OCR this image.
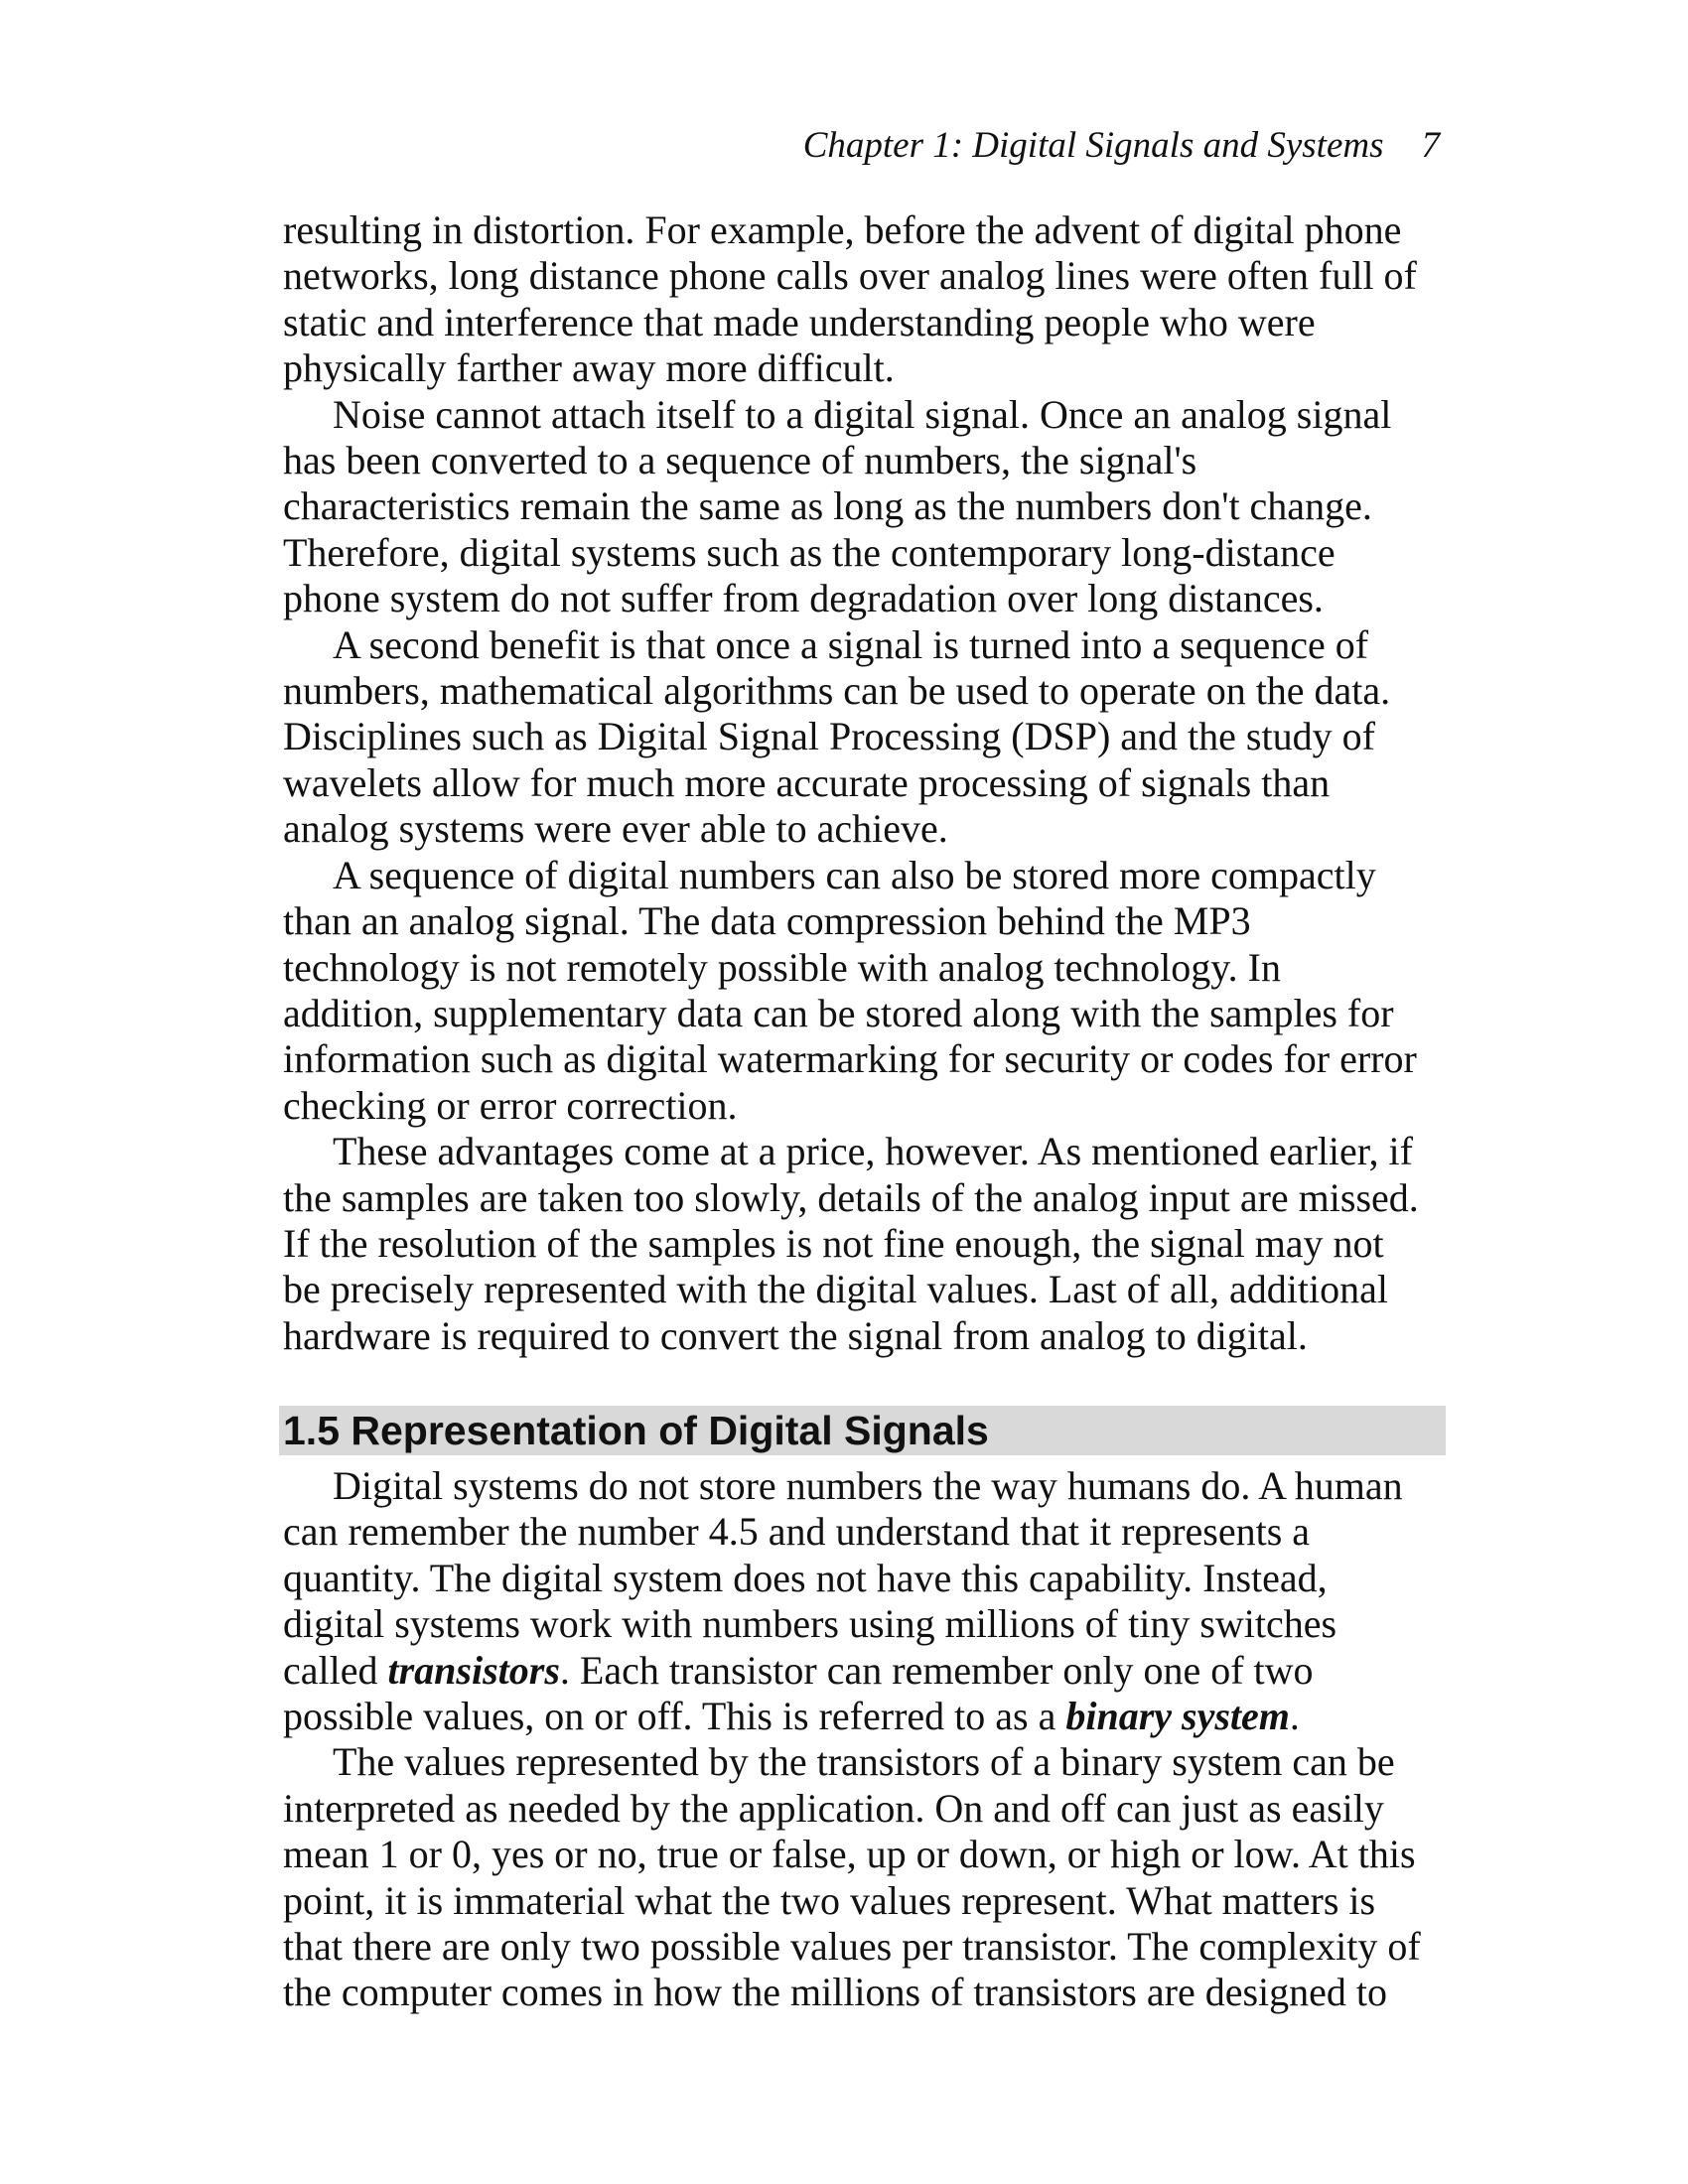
Chapter 1: Digital Signals and Systems 7

resulting in distortion. For example, before the advent of digital phone

networks, long distance phone calls over analog lines were often full of

static and interference that made understanding people who were

physically farther away more difficult.

Noise cannot attach itself to a digital signal. Once an analog signal

has been converted to a sequence of numbers, the signal's

characteristics remain the same as long as the numbers don't change.

Therefore, digital systems such as the contemporary long-distance

phone system do not suffer from degradation over long distances.

A second benefit is that once a signal is turned into a sequence of

numbers, mathematical algorithms can be used to operate on the data.

Disciplines such as Digital Signal Processing (DSP) and the study of

wavelets allow for much more accurate processing of signals than

analog systems were ever able to achieve.

A sequence of digital numbers can also be stored more compactly

than an analog signal. The data compression behind the MP3

technology is not remotely possible with analog technology. In

addition, supplementary data can be stored along with the samples for

information such as digital watermarking for security or codes for error

checking or error correction.

These advantages come at a price, however. As mentioned earlier, if

the samples are taken too slowly, details of the analog input are missed.

If the resolution of the samples is not fine enough, the signal may not

be precisely represented with the digital values. Last of all, additional

hardware is required to convert the signal from analog to digital.

1.5 Representation of Digital Signals

Digital systems do not store numbers the way humans do. A human

can remember the number 4.5 and understand that it represents a

quantity. The digital system does not have this capability. Instead,

digital systems work with numbers using millions of tiny switches

called transistors. Each transistor can remember only one of two

possible values, on or off. This is referred to as a binary system.

The values represented by the transistors of a binary system can be

interpreted as needed by the application. On and off can just as easily

mean 1 or 0, yes or no, true or false, up or down, or high or low. At this

point, it is immaterial what the two values represent. What matters is

that there are only two possible values per transistor. The complexity of

the computer comes in how the millions of transistors are designed to
